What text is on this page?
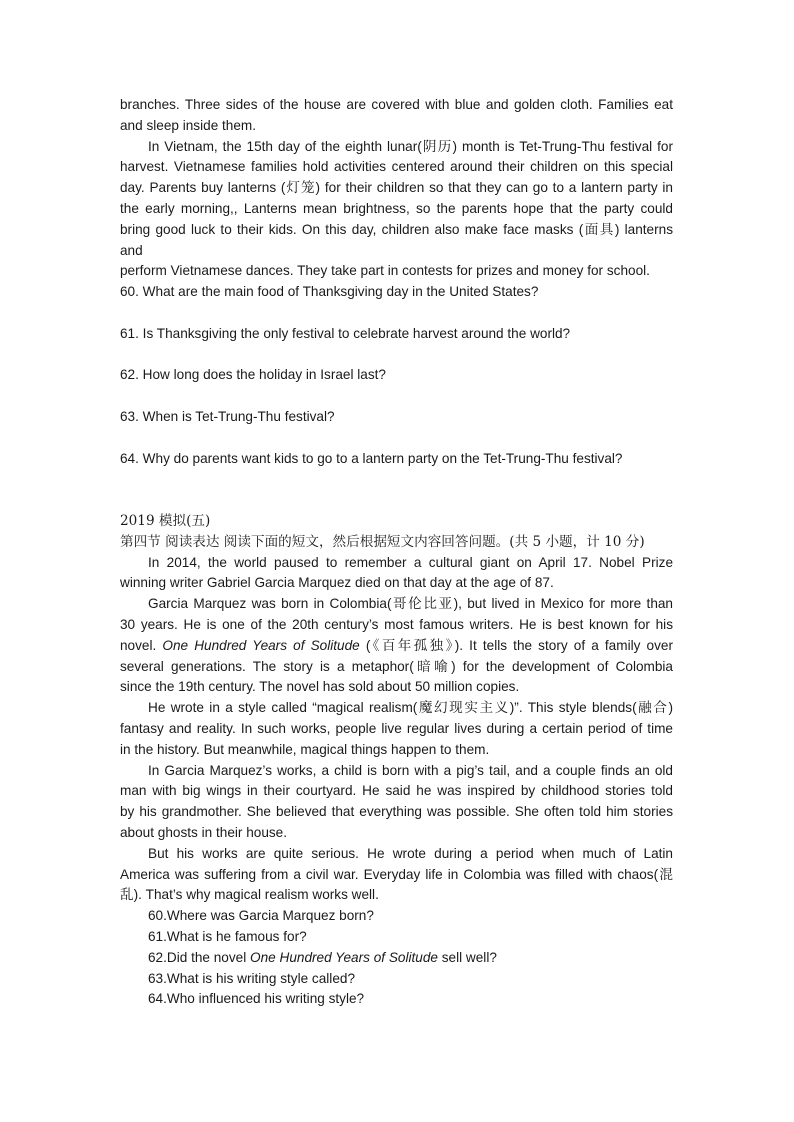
branches. Three sides of the house are covered with blue and golden cloth. Families eat
and sleep inside them.
In Vietnam, the 15th day of the eighth lunar(阴历) month is Tet-Trung-Thu festival for
harvest. Vietnamese families hold activities centered around their children on this special
day. Parents buy lanterns (灯笼) for their children so that they can go to a lantern party in
the early morning,, Lanterns mean brightness, so the parents hope that the party could
bring good luck to their kids. On this day, children also make face masks (面具) lanterns
and
perform Vietnamese dances. They take part in contests for prizes and money for school.
60. What are the main food of Thanksgiving day in the United States?
61. Is Thanksgiving the only festival to celebrate harvest around the world?
62. How long does the holiday in Israel last?
63. When is Tet-Trung-Thu festival?
64. Why do parents want kids to go to a lantern party on the Tet-Trung-Thu festival?
2019 模拟(五)
第四节 阅读表达 阅读下面的短文，然后根据短文内容回答问题。(共 5 小题，计 10 分)
In 2014, the world paused to remember a cultural giant on April 17. Nobel Prize
winning writer Gabriel Garcia Marquez died on that day at the age of 87.
Garcia Marquez was born in Colombia(哥伦比亚), but lived in Mexico for more than
30 years. He is one of the 20th century’s most famous writers. He is best known for his
novel. One Hundred Years of Solitude (《百年孤独》). It tells the story of a family over
several generations. The story is a metaphor(暗喻) for the development of Colombia
since the 19th century. The novel has sold about 50 million copies.
He wrote in a style called “magical realism(魔幻现实主义)”. This style blends(融合)
fantasy and reality. In such works, people live regular lives during a certain period of time
in the history. But meanwhile, magical things happen to them.
In Garcia Marquez’s works, a child is born with a pig’s tail, and a couple finds an old
man with big wings in their courtyard. He said he was inspired by childhood stories told
by his grandmother. She believed that everything was possible. She often told him stories
about ghosts in their house.
But his works are quite serious. He wrote during a period when much of Latin
America was suffering from a civil war. Everyday life in Colombia was filled with chaos(混
乱). That’s why magical realism works well.
60.Where was Garcia Marquez born?
61.What is he famous for?
62.Did the novel One Hundred Years of Solitude sell well?
63.What is his writing style called?
64.Who influenced his writing style?
